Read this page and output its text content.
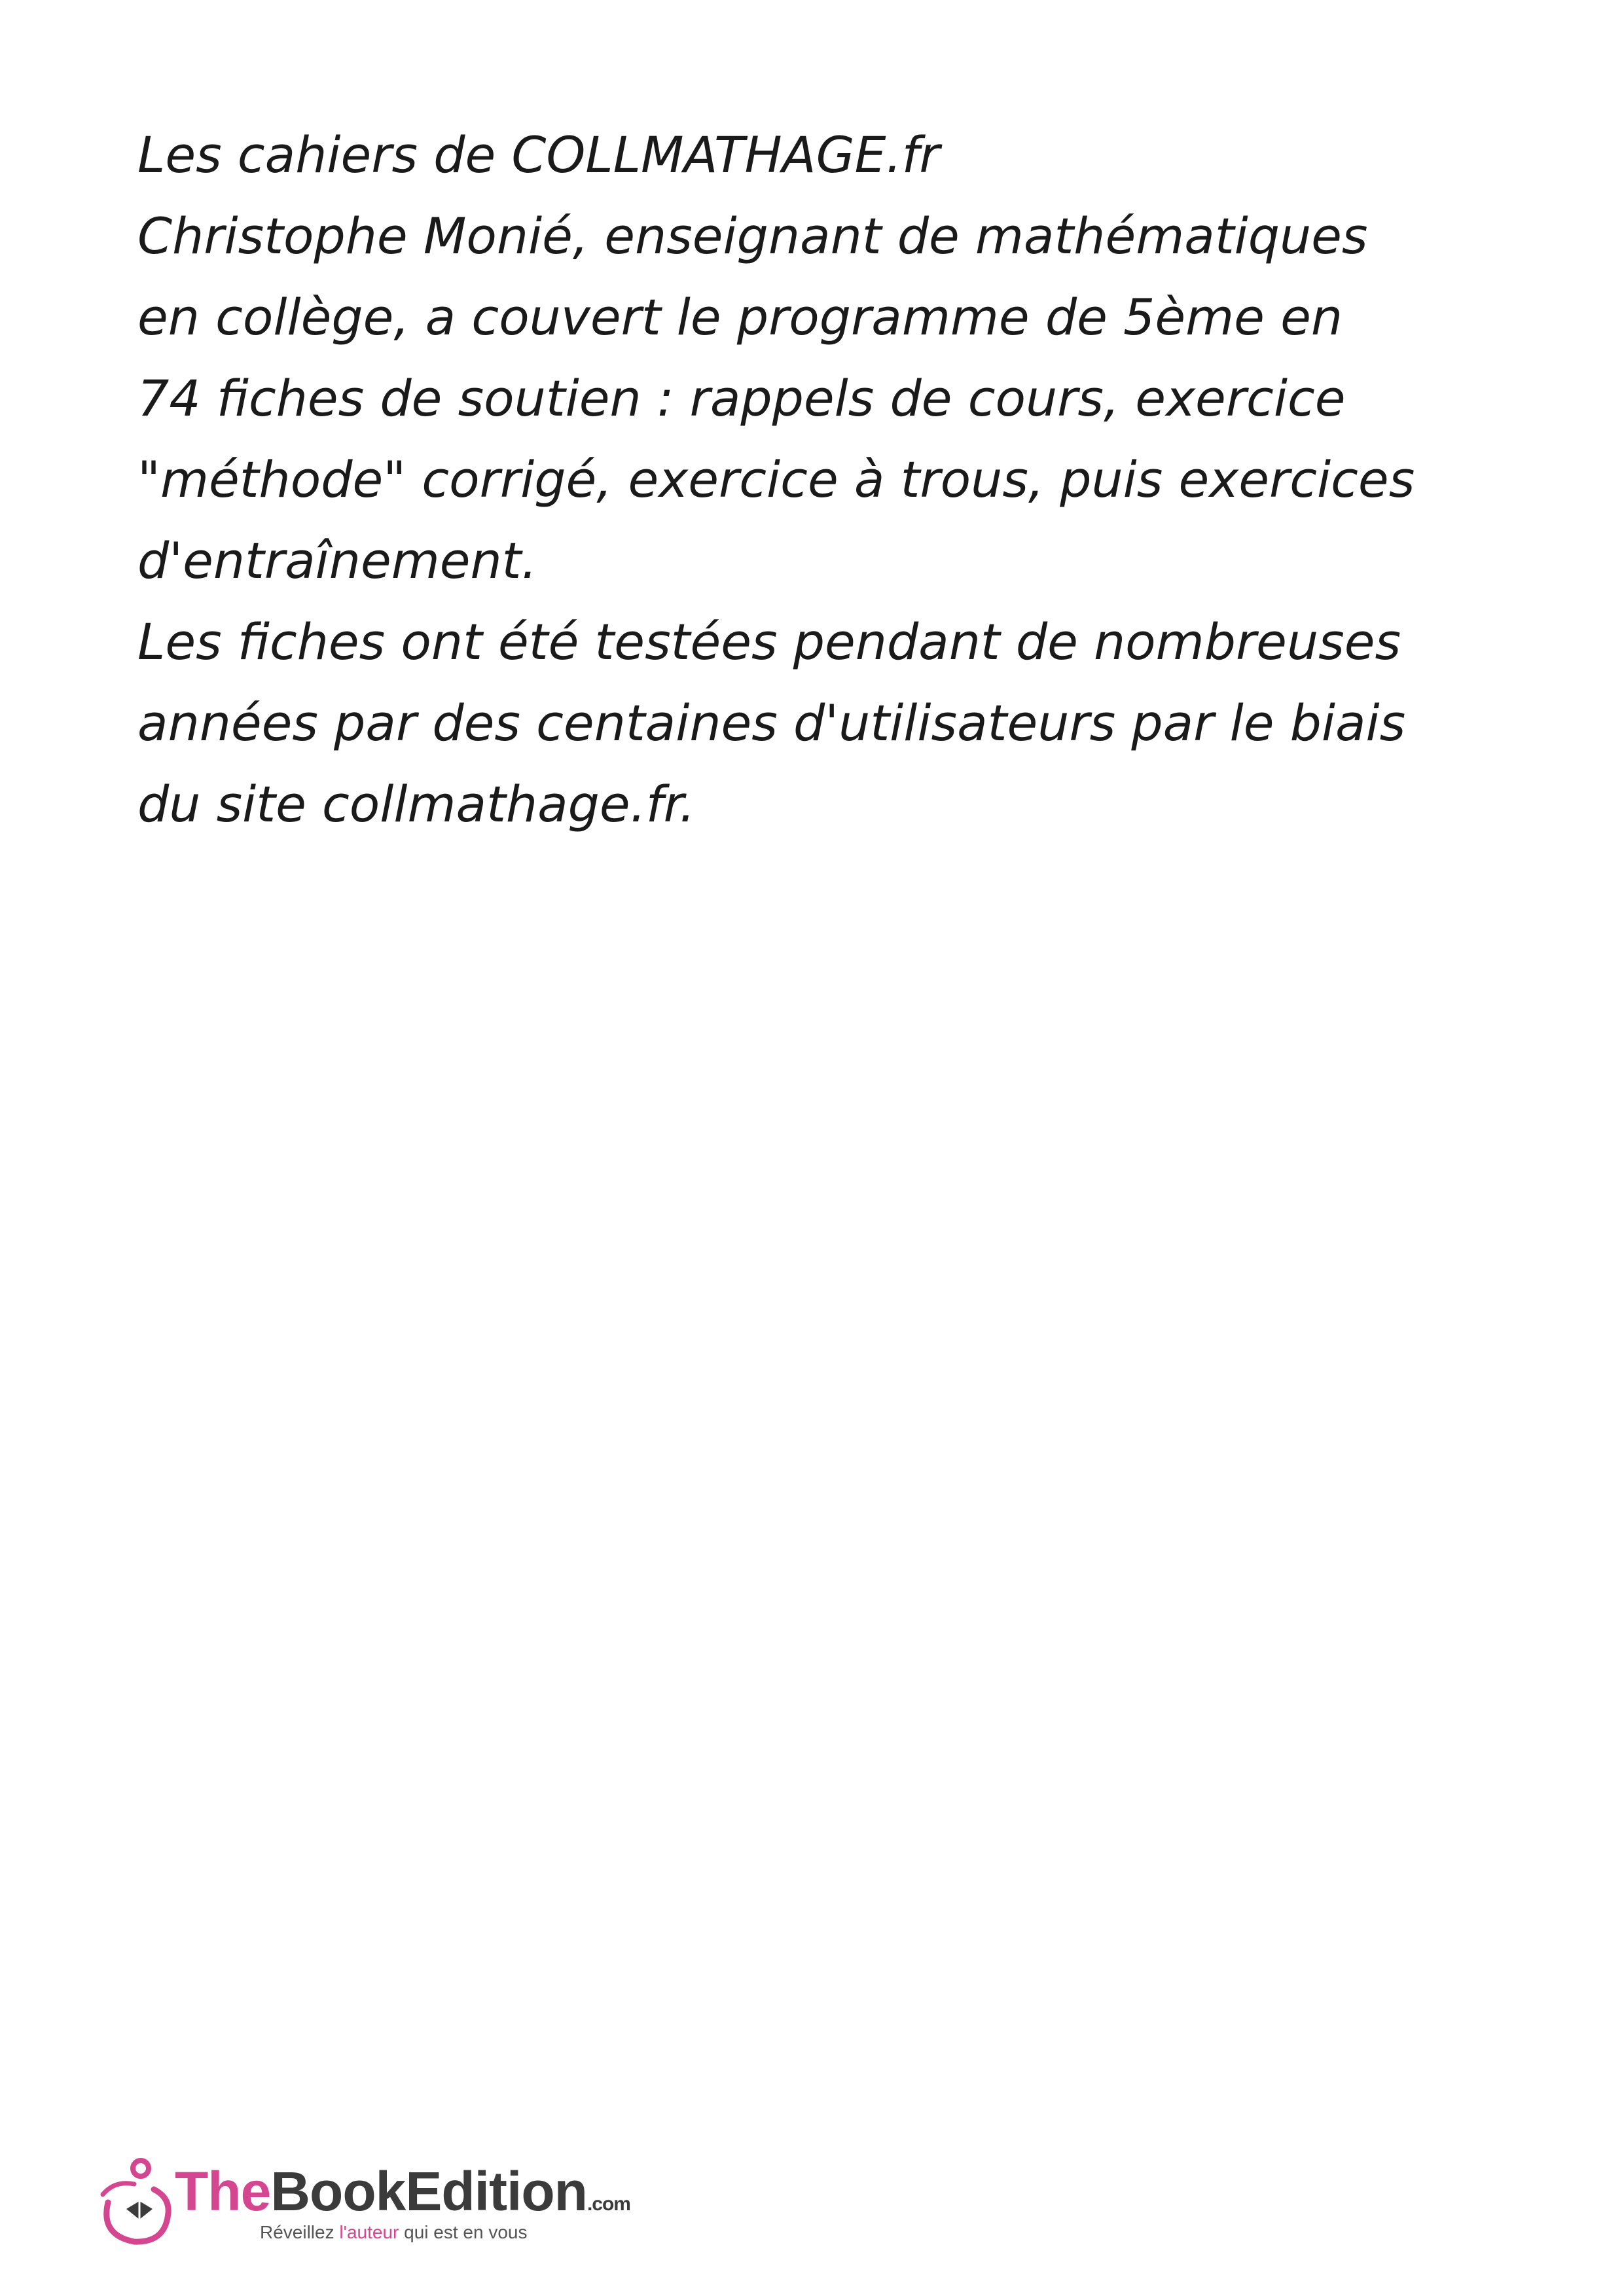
Les cahiers de COLLMATHAGE.fr
Christophe Monié, enseignant de mathématiques
en collège, a couvert le programme de 5ème en
74 fiches de soutien : rappels de cours, exercice
"méthode" corrigé, exercice à trous, puis exercices
d'entraînement.
Les fiches ont été testées pendant de nombreuses
années par des centaines d'utilisateurs par le biais
du site collmathage.fr.

TheBookEdition.com
Réveillez l'auteur qui est en vous
